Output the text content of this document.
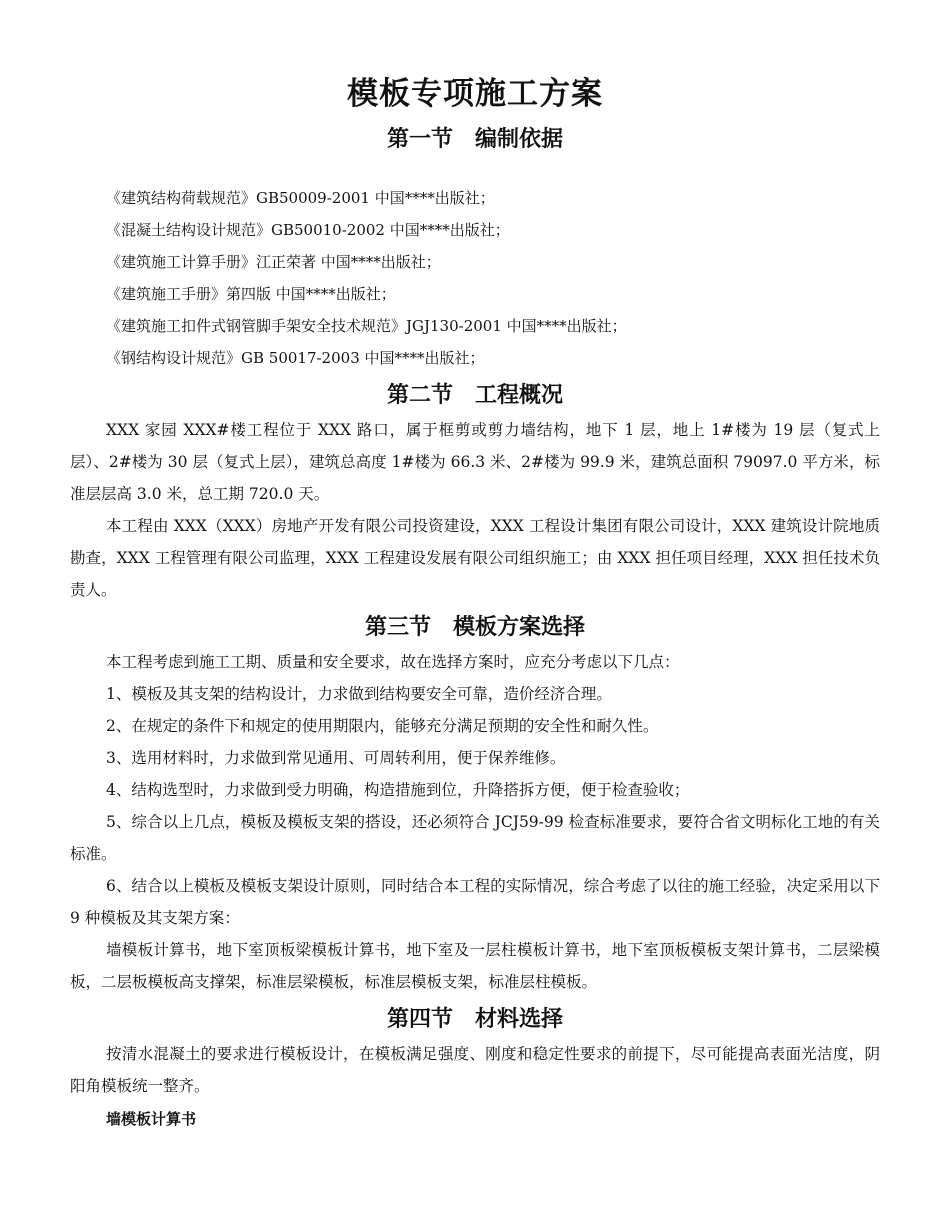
模板专项施工方案
第一节　编制依据

《建筑结构荷载规范》GB50009-2001 中国****出版社；

《混凝土结构设计规范》GB50010-2002 中国****出版社；

《建筑施工计算手册》江正荣著 中国****出版社；

《建筑施工手册》第四版 中国****出版社；

《建筑施工扣件式钢管脚手架安全技术规范》JGJ130-2001 中国****出版社；

《钢结构设计规范》GB 50017-2003 中国****出版社；

第二节　工程概况

XXX 家园 XXX#楼工程位于 XXX 路口，属于框剪或剪力墙结构，地下 1 层，地上 1#楼为 19 层（复式上层）、2#楼为 30 层（复式上层），建筑总高度 1#楼为 66.3 米、2#楼为 99.9 米，建筑总面积 79097.0 平方米，标准层层高 3.0 米，总工期 720.0 天。

本工程由 XXX（XXX）房地产开发有限公司投资建设，XXX 工程设计集团有限公司设计，XXX 建筑设计院地质勘查，XXX 工程管理有限公司监理，XXX 工程建设发展有限公司组织施工；由 XXX 担任项目经理，XXX 担任技术负责人。

第三节　模板方案选择

本工程考虑到施工工期、质量和安全要求，故在选择方案时，应充分考虑以下几点：

1、模板及其支架的结构设计，力求做到结构要安全可靠，造价经济合理。

2、在规定的条件下和规定的使用期限内，能够充分满足预期的安全性和耐久性。

3、选用材料时，力求做到常见通用、可周转利用，便于保养维修。

4、结构选型时，力求做到受力明确，构造措施到位，升降搭拆方便，便于检查验收；

5、综合以上几点，模板及模板支架的搭设，还必须符合 JCJ59-99 检查标准要求，要符合省文明标化工地的有关标准。

6、结合以上模板及模板支架设计原则，同时结合本工程的实际情况，综合考虑了以往的施工经验，决定采用以下 9 种模板及其支架方案：

墙模板计算书，地下室顶板梁模板计算书，地下室及一层柱模板计算书，地下室顶板模板支架计算书，二层梁模板，二层板模板高支撑架，标准层梁模板，标准层模板支架，标准层柱模板。

第四节　材料选择

按清水混凝土的要求进行模板设计，在模板满足强度、刚度和稳定性要求的前提下，尽可能提高表面光洁度，阴阳角模板统一整齐。

墙模板计算书
